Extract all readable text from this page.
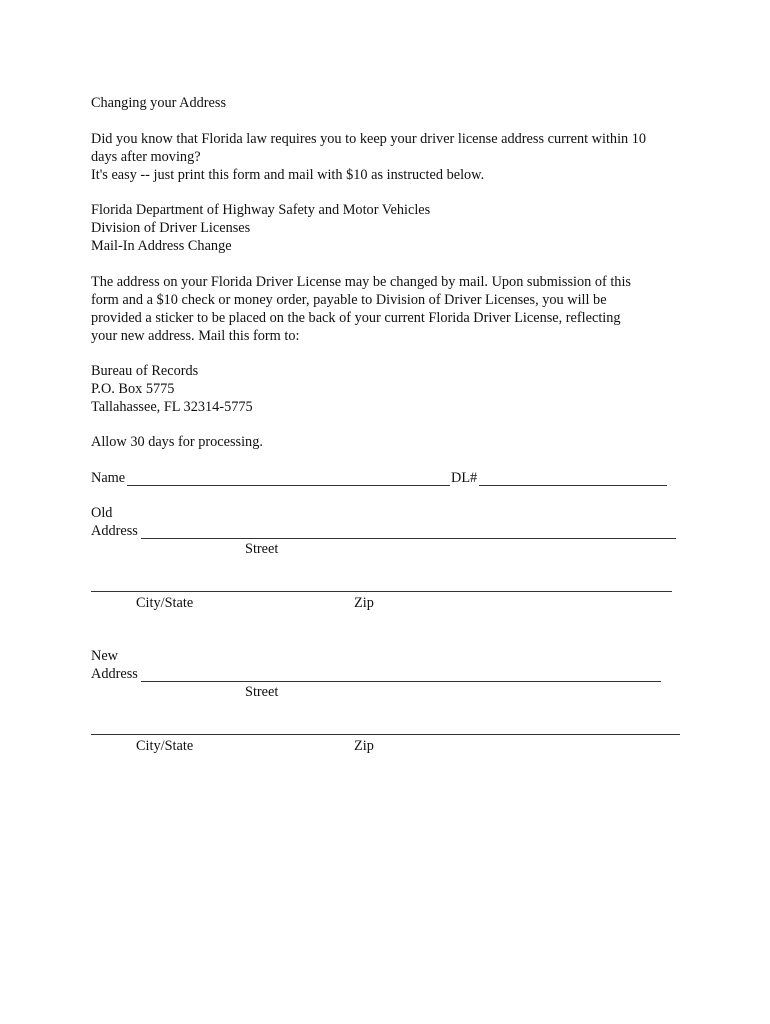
Changing your Address
Did you know that Florida law requires you to keep your driver license address current within 10
days after moving?
It's easy -- just print this form and mail with $10 as instructed below.
Florida Department of Highway Safety and Motor Vehicles
Division of Driver Licenses
Mail-In Address Change
The address on your Florida Driver License may be changed by mail. Upon submission of this
form and a $10 check or money order, payable to Division of Driver Licenses, you will be
provided a sticker to be placed on the back of your current Florida Driver License, reflecting
your new address. Mail this form to:
Bureau of Records
P.O. Box 5775
Tallahassee, FL 32314-5775
Allow 30 days for processing.
Name	DL#
Old
Address
Street
City/State	Zip
New
Address
Street
City/State	Zip
